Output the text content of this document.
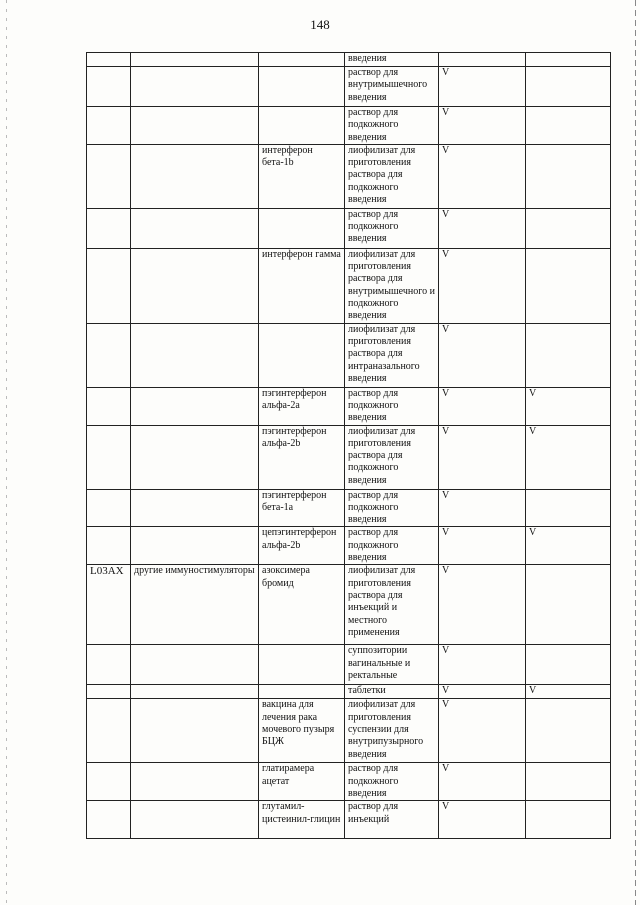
148
			введения		
			раствор для внутримышечного введения	V	
			раствор для подкожного введения	V	
		интерферон бета-1b	лиофилизат для приготовления раствора для подкожного введения	V	
			раствор для подкожного введения	V	
		интерферон гамма	лиофилизат для приготовления раствора для внутримышечного и подкожного введения	V	
			лиофилизат для приготовления раствора для интраназального введения	V	
		пэгинтерферон альфа-2a	раствор для подкожного введения	V	V
		пэгинтерферон альфа-2b	лиофилизат для приготовления раствора для подкожного введения	V	V
		пэгинтерферон бета-1a	раствор для подкожного введения	V	
		цепэгинтерферон альфа-2b	раствор для подкожного введения	V	V
L03AX	другие иммуностимуляторы	азоксимера бромид	лиофилизат для приготовления раствора для инъекций и местного применения	V	
			суппозитории вагинальные и ректальные	V	
			таблетки	V	V
		вакцина для лечения рака мочевого пузыря БЦЖ	лиофилизат для приготовления суспензии для внутрипузырного введения	V	
		глатирамера ацетат	раствор для подкожного введения	V	
		глутамил-цистеинил-глицин	раствор для инъекций	V	
